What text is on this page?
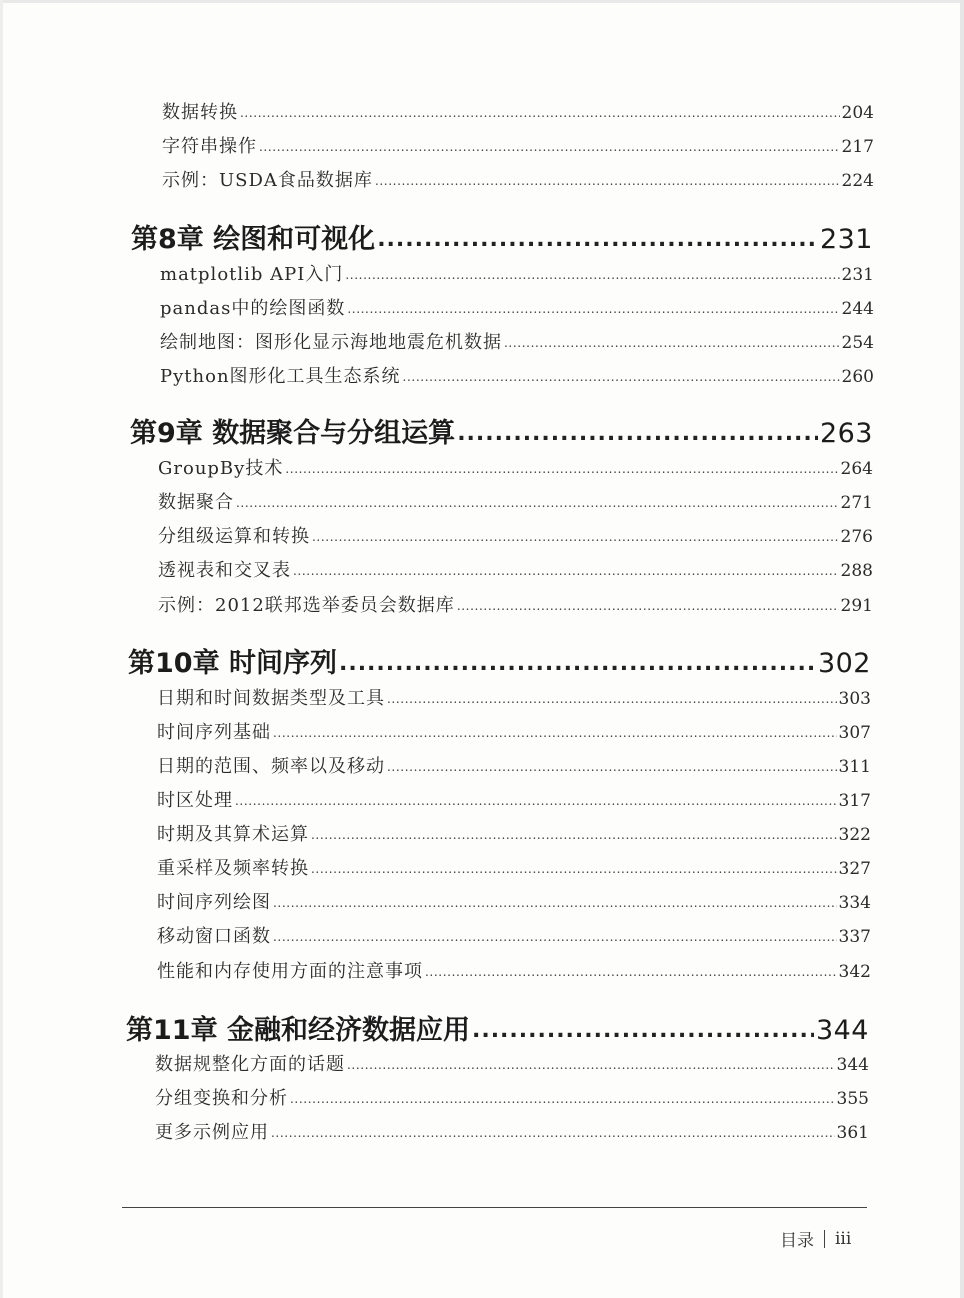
数据转换 . . .	204
字符串操作 . . .	217
示例：USDA食品数据库 . . .	224
第8章 绘图和可视化 .....	231
matplotlib API入门 . . .	231
pandas中的绘图函数 . . .	244
绘制地图：图形化显示海地地震危机数据 . . .	254
Python图形化工具生态系统 . . .	260
第9章 数据聚合与分组运算 .....	263
GroupBy技术 . . .	264
数据聚合 . . .	271
分组级运算和转换 . . .	276
透视表和交叉表 . . .	288
示例：2012联邦选举委员会数据库 . . .	291
第10章 时间序列 .....	302
日期和时间数据类型及工具 . . .	303
时间序列基础 . . .	307
日期的范围、频率以及移动 . . .	311
时区处理 . . .	317
时期及其算术运算 . . .	322
重采样及频率转换 . . .	327
时间序列绘图 . . .	334
移动窗口函数 . . .	337
性能和内存使用方面的注意事项 . . .	342
第11章 金融和经济数据应用 .....	344
数据规整化方面的话题 . . .	344
分组变换和分析 . . .	355
更多示例应用 . . .	361
目录 iii
